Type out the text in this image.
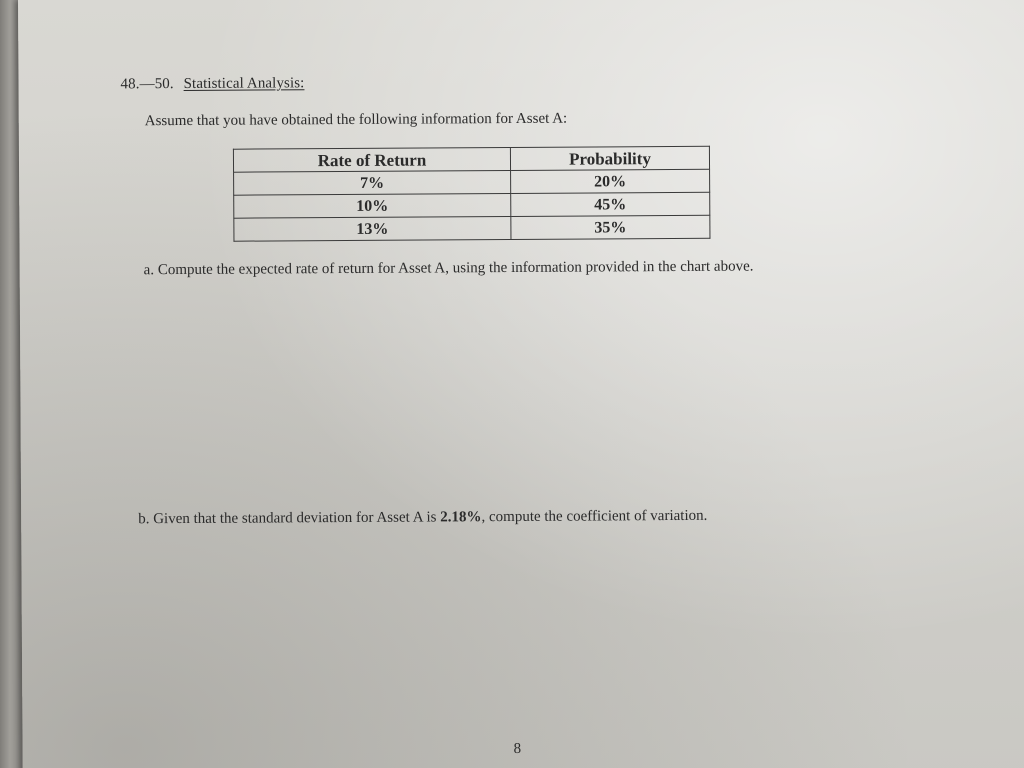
48.—50. Statistical Analysis:
Assume that you have obtained the following information for Asset A:
Rate of Return	Probability
7%	20%
10%	45%
13%	35%
a. Compute the expected rate of return for Asset A, using the information provided in the chart above.
b. Given that the standard deviation for Asset A is 2.18%, compute the coefficient of variation.
8
